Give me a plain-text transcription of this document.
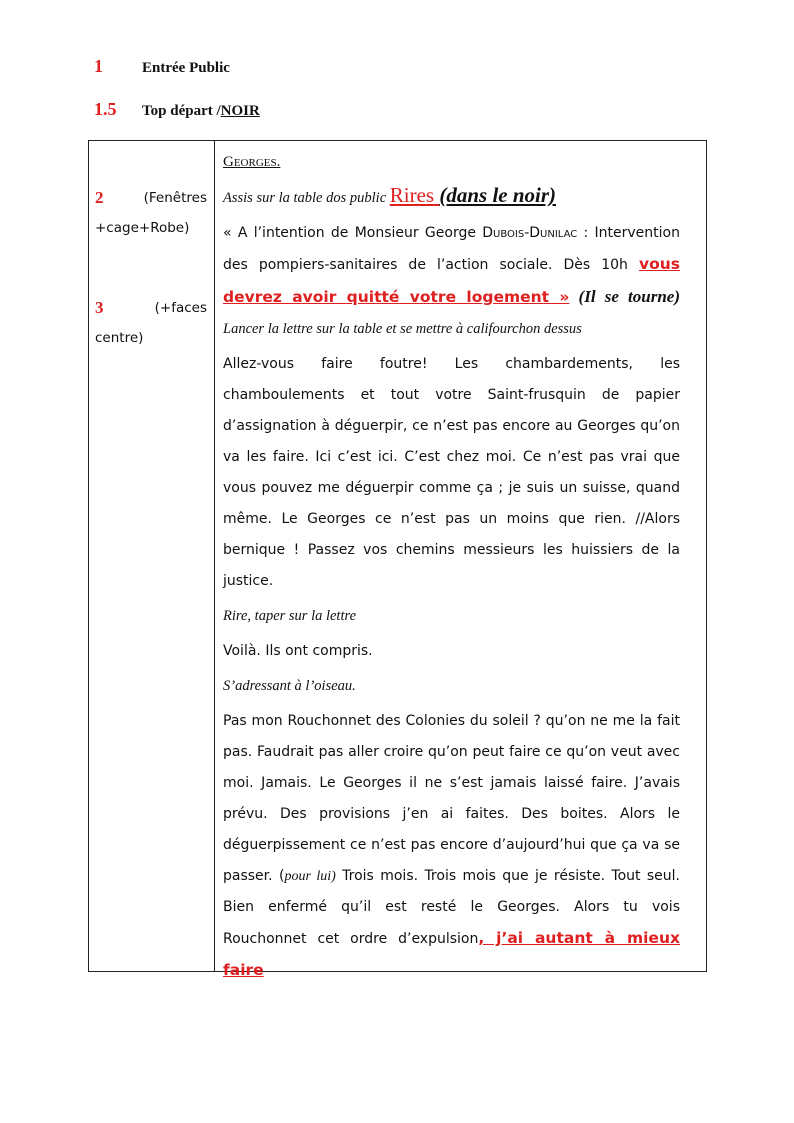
1	Entrée Public
1.5	Top départ / NOIR
2	(Fenêtres
+cage+Robe)
3	(+faces
centre)

Georges.

Assis sur la table dos public Rires (dans le noir)

« A l’intention de Monsieur George Dubois-Dunilac : Intervention des pompiers-sanitaires de l’action sociale. Dès 10h vous devrez avoir quitté votre logement » (Il se tourne) Lancer la lettre sur la table et se mettre à califourchon dessus

Allez-vous faire foutre! Les chambardements, les chamboulements et tout votre Saint-frusquin de papier d’assignation à déguerpir, ce n’est pas encore au Georges qu’on va les faire. Ici c’est ici. C’est chez moi. Ce n’est pas vrai que vous pouvez me déguerpir comme ça ; je suis un suisse, quand même. Le Georges ce n’est pas un moins que rien. //Alors bernique ! Passez vos chemins messieurs les huissiers de la justice.

Rire, taper sur la lettre

Voilà. Ils ont compris.

S’adressant à l’oiseau.

Pas mon Rouchonnet des Colonies du soleil ? qu’on ne me la fait pas. Faudrait pas aller croire qu’on peut faire ce qu’on veut avec moi. Jamais. Le Georges il ne s’est jamais laissé faire. J’avais prévu. Des provisions j’en ai faites. Des boites. Alors le déguerpissement ce n’est pas encore d’aujourd’hui que ça va se passer. (pour lui) Trois mois. Trois mois que je résiste. Tout seul. Bien enfermé qu’il est resté le Georges. Alors tu vois Rouchonnet cet ordre d’expulsion, j’ai autant à mieux faire
